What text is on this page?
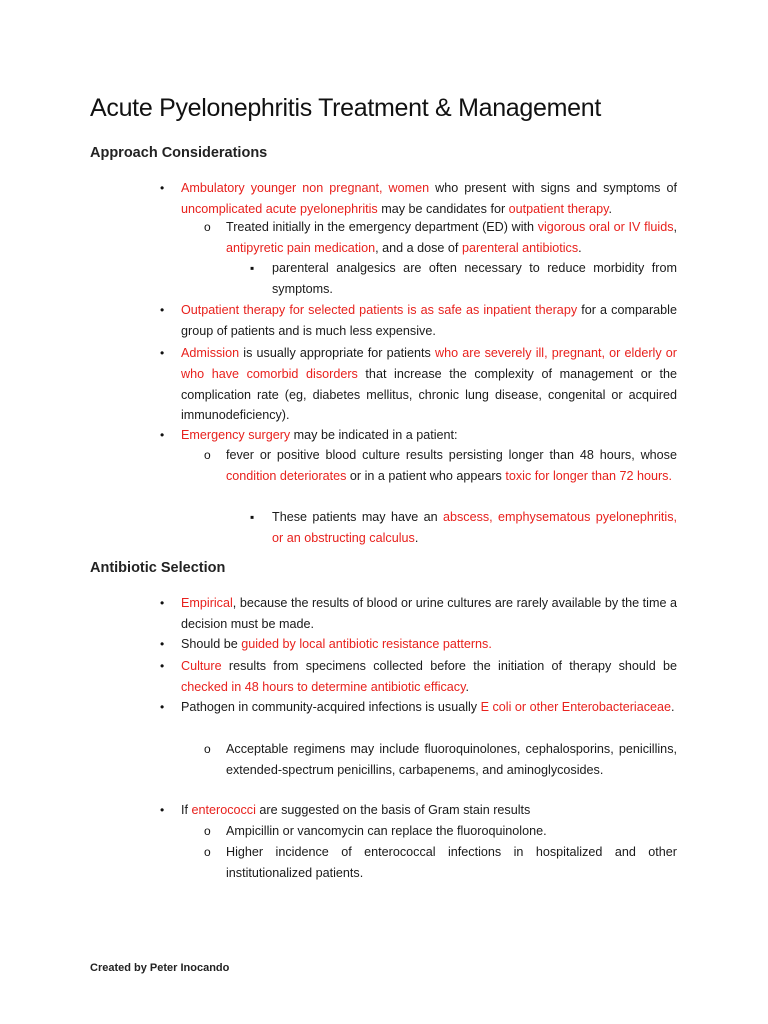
Acute Pyelonephritis Treatment & Management
Approach Considerations
• Ambulatory younger non pregnant, women who present with signs and symptoms of uncomplicated acute pyelonephritis may be candidates for outpatient therapy.
o Treated initially in the emergency department (ED) with vigorous oral or IV fluids, antipyretic pain medication, and a dose of parenteral antibiotics.
▪ parenteral analgesics are often necessary to reduce morbidity from symptoms.
• Outpatient therapy for selected patients is as safe as inpatient therapy for a comparable group of patients and is much less expensive.
• Admission is usually appropriate for patients who are severely ill, pregnant, or elderly or who have comorbid disorders that increase the complexity of management or the complication rate (eg, diabetes mellitus, chronic lung disease, congenital or acquired immunodeficiency).
• Emergency surgery may be indicated in a patient:
o fever or positive blood culture results persisting longer than 48 hours, whose condition deteriorates or in a patient who appears toxic for longer than 72 hours.
▪ These patients may have an abscess, emphysematous pyelonephritis, or an obstructing calculus.
Antibiotic Selection
• Empirical, because the results of blood or urine cultures are rarely available by the time a decision must be made.
• Should be guided by local antibiotic resistance patterns.
• Culture results from specimens collected before the initiation of therapy should be checked in 48 hours to determine antibiotic efficacy.
• Pathogen in community-acquired infections is usually E coli or other Enterobacteriaceae.
o Acceptable regimens may include fluoroquinolones, cephalosporins, penicillins, extended-spectrum penicillins, carbapenems, and aminoglycosides.
• If enterococci are suggested on the basis of Gram stain results
o Ampicillin or vancomycin can replace the fluoroquinolone.
o Higher incidence of enterococcal infections in hospitalized and other institutionalized patients.
Created by Peter Inocando
